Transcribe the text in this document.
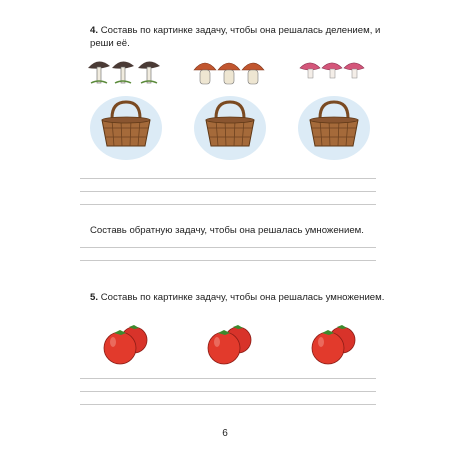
4. Составь по картинке задачу, чтобы она решалась делением, и реши её.

Составь обратную задачу, чтобы она решалась умножением.

5. Составь по картинке задачу, чтобы она решалась умножением.

6
